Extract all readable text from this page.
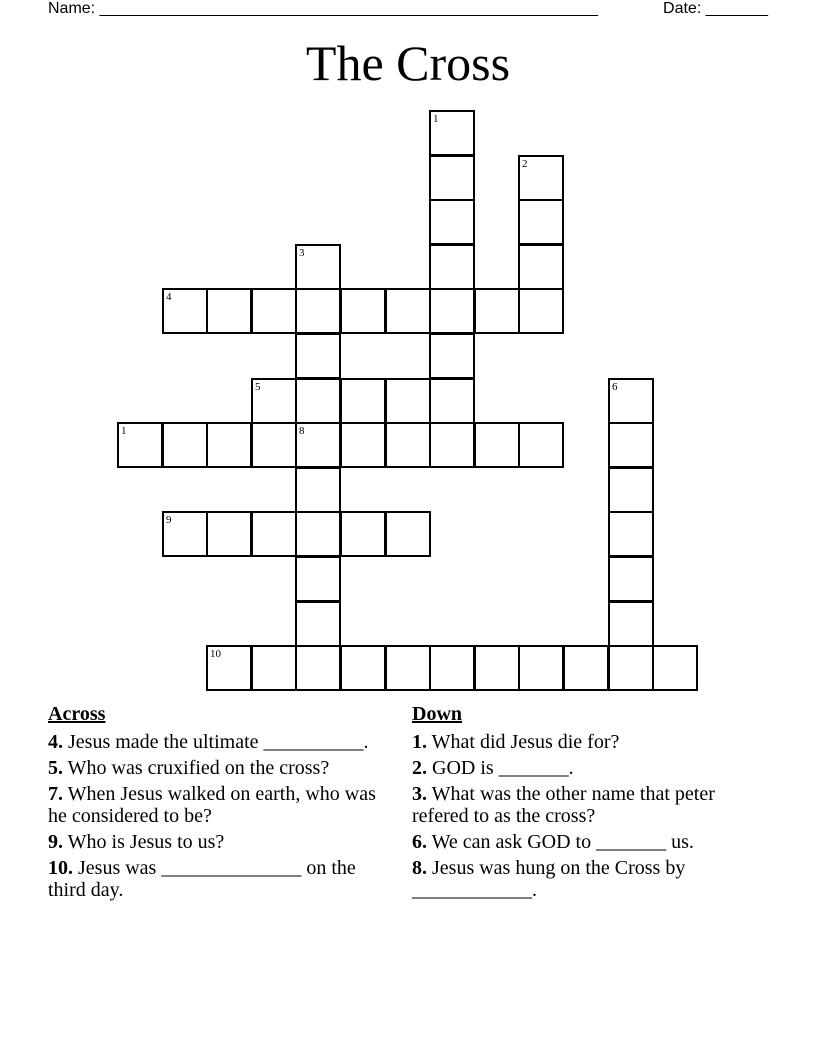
Name: ________________________________________________________	Date: _______
The Cross
1	8
1
2
3
4
5	6
9
10
Across
4. Jesus made the ultimate __________.
5. Who was cruxified on the cross?
7. When Jesus walked on earth, who was he considered to be?
9. Who is Jesus to us?
10. Jesus was ______________ on the third day.
Down
1. What did Jesus die for?
2. GOD is _______.
3. What was the other name that peter refered to as the cross?
6. We can ask GOD to _______ us.
8. Jesus was hung on the Cross by ____________.
